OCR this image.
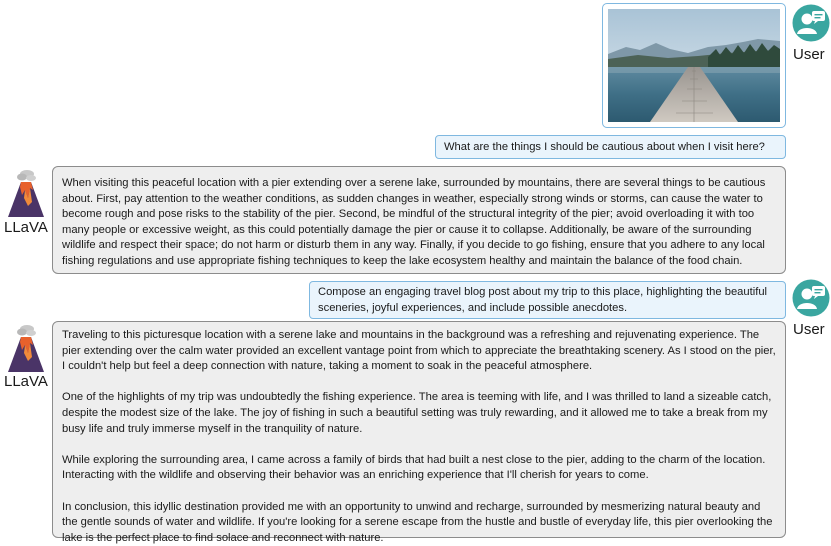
User
What are the things I should be cautious about when I visit here?
LLaVA

When visiting this peaceful location with a pier extending over a serene lake, surrounded by mountains, there are several things to be cautious about. First, pay attention to the weather conditions, as sudden changes in weather, especially strong winds or storms, can cause the water to become rough and pose risks to the stability of the pier. Second, be mindful of the structural integrity of the pier; avoid overloading it with too many people or excessive weight, as this could potentially damage the pier or cause it to collapse. Additionally, be aware of the surrounding wildlife and respect their space; do not harm or disturb them in any way. Finally, if you decide to go fishing, ensure that you adhere to any local fishing regulations and use appropriate fishing techniques to keep the lake ecosystem healthy and maintain the balance of the food chain.

User
Compose an engaging travel blog post about my trip to this place, highlighting the beautiful sceneries, joyful experiences, and include possible anecdotes.
LLaVA

Traveling to this picturesque location with a serene lake and mountains in the background was a refreshing and rejuvenating experience. The pier extending over the calm water provided an excellent vantage point from which to appreciate the breathtaking scenery. As I stood on the pier, I couldn't help but feel a deep connection with nature, taking a moment to soak in the peaceful atmosphere.

One of the highlights of my trip was undoubtedly the fishing experience. The area is teeming with life, and I was thrilled to land a sizeable catch, despite the modest size of the lake. The joy of fishing in such a beautiful setting was truly rewarding, and it allowed me to take a break from my busy life and truly immerse myself in the tranquility of nature.

While exploring the surrounding area, I came across a family of birds that had built a nest close to the pier, adding to the charm of the location. Interacting with the wildlife and observing their behavior was an enriching experience that I'll cherish for years to come.

In conclusion, this idyllic destination provided me with an opportunity to unwind and recharge, surrounded by mesmerizing natural beauty and the gentle sounds of water and wildlife. If you're looking for a serene escape from the hustle and bustle of everyday life, this pier overlooking the lake is the perfect place to find solace and reconnect with nature.
